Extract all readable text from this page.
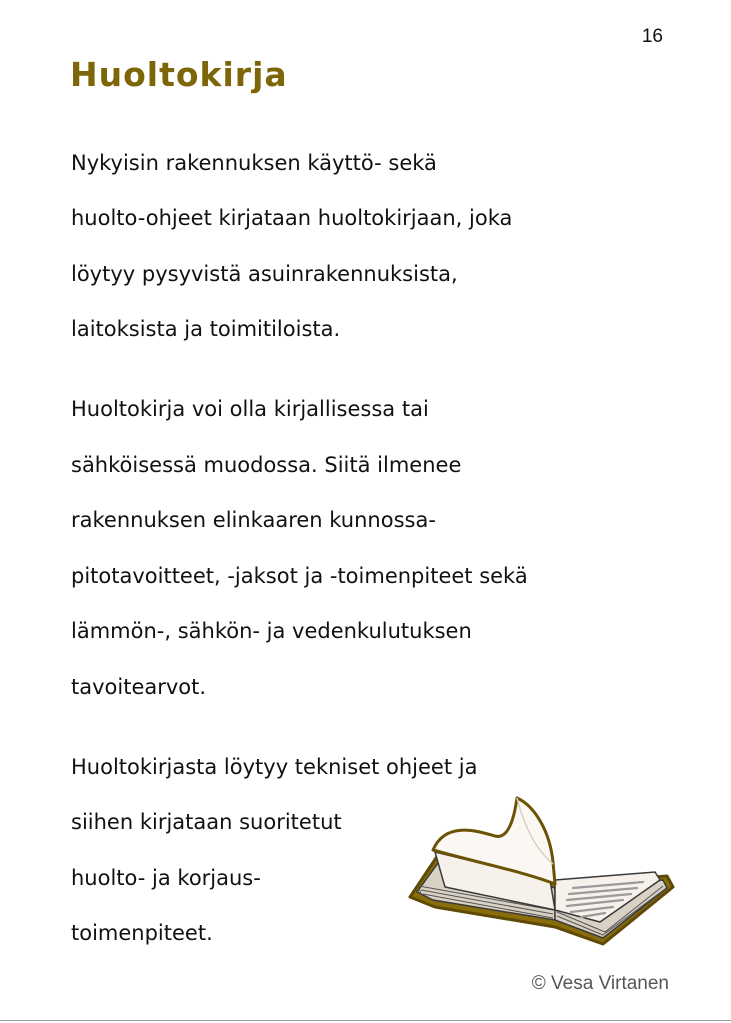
16
Huoltokirja

Nykyisin rakennuksen käyttö- sekä

huolto-ohjeet kirjataan huoltokirjaan, joka

löytyy pysyvistä asuinrakennuksista,

laitoksista ja toimitiloista.

Huoltokirja voi olla kirjallisessa tai

sähköisessä muodossa. Siitä ilmenee

rakennuksen elinkaaren kunnossa-

pitotavoitteet, -jaksot ja -toimenpiteet sekä

lämmön-, sähkön- ja vedenkulutuksen

tavoitearvot.

Huoltokirjasta löytyy tekniset ohjeet ja

siihen kirjataan suoritetut

huolto- ja korjaus-

toimenpiteet.

© Vesa Virtanen
